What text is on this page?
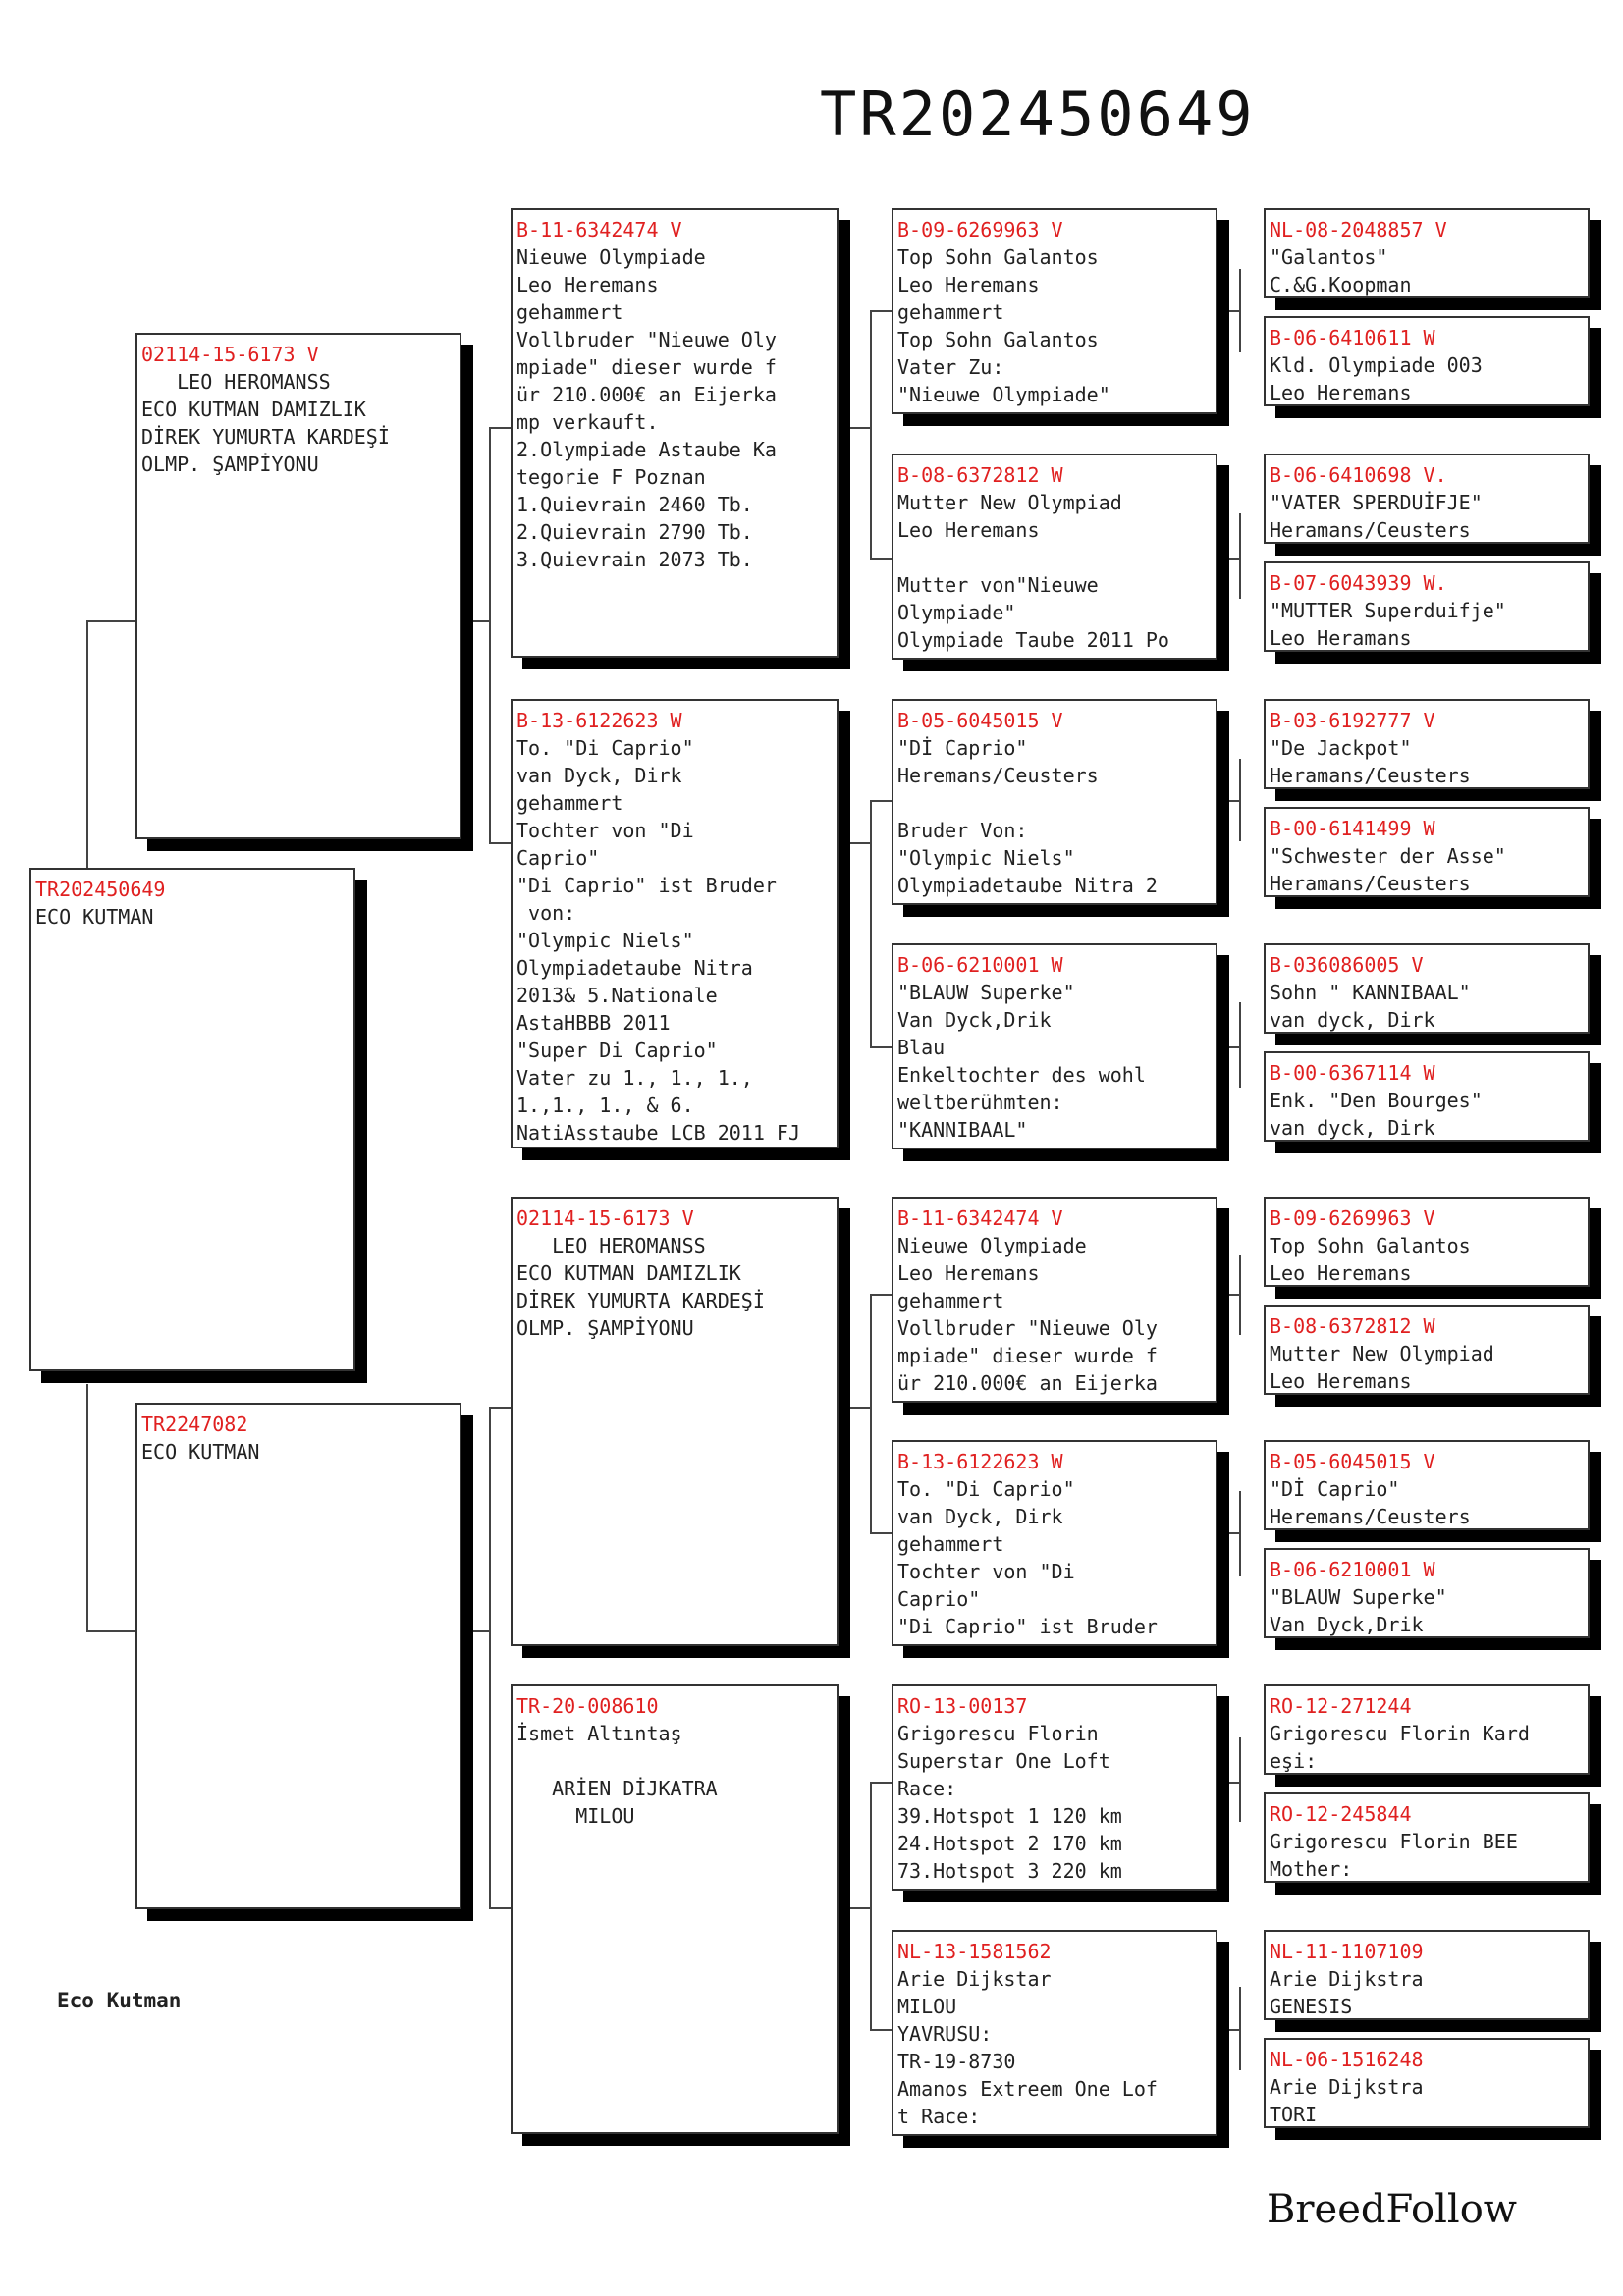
TR202450649
TR202450649
ECO KUTMAN
02114-15-6173 V
LEO HEROMANSS
ECO KUTMAN DAMIZLIK
DİREK YUMURTA KARDEŞİ
OLMP. ŞAMPİYONU
TR2247082
ECO KUTMAN
B-11-6342474 V
Nieuwe Olympiade
Leo Heremans
gehammert
Vollbruder "Nieuwe Oly
mpiade" dieser wurde f
ür 210.000€ an Eijerka
mp verkauft.
2.Olympiade Astaube Ka
tegorie F Poznan
1.Quievrain 2460 Tb.
2.Quievrain 2790 Tb.
3.Quievrain 2073 Tb.
B-13-6122623 W
To. "Di Caprio"
van Dyck, Dirk
gehammert
Tochter von "Di
Caprio"
"Di Caprio" ist Bruder
von:
"Olympic Niels"
Olympiadetaube Nitra
2013& 5.Nationale
AstaHBBB 2011
"Super Di Caprio"
Vater zu 1., 1., 1.,
1.,1., 1., & 6.
NatiAsstaube LCB 2011 FJ
02114-15-6173 V
LEO HEROMANSS
ECO KUTMAN DAMIZLIK
DİREK YUMURTA KARDEŞİ
OLMP. ŞAMPİYONU
TR-20-008610
İsmet Altıntaş

ARİEN DİJKATRA
MILOU
B-09-6269963 V
Top Sohn Galantos
Leo Heremans
gehammert
Top Sohn Galantos
Vater Zu:
"Nieuwe Olympiade"
B-08-6372812 W
Mutter New Olympiad
Leo Heremans

Mutter von"Nieuwe
Olympiade"
Olympiade Taube 2011 Po
B-05-6045015 V
"Dİ Caprio"
Heremans/Ceusters

Bruder Von:
"Olympic Niels"
Olympiadetaube Nitra 2
B-06-6210001 W
"BLAUW Superke"
Van Dyck,Drik
Blau
Enkeltochter des wohl
weltberühmten:
"KANNIBAAL"
B-11-6342474 V
Nieuwe Olympiade
Leo Heremans
gehammert
Vollbruder "Nieuwe Oly
mpiade" dieser wurde f
ür 210.000€ an Eijerka
B-13-6122623 W
To. "Di Caprio"
van Dyck, Dirk
gehammert
Tochter von "Di
Caprio"
"Di Caprio" ist Bruder
RO-13-00137
Grigorescu Florin
Superstar One Loft
Race:
39.Hotspot 1 120 km
24.Hotspot 2 170 km
73.Hotspot 3 220 km
NL-13-1581562
Arie Dijkstar
MILOU
YAVRUSU:
TR-19-8730
Amanos Extreem One Lof
t Race:
NL-08-2048857 V
"Galantos"
C.&G.Koopman
B-06-6410611 W
Kld. Olympiade 003
Leo Heremans
B-06-6410698 V.
"VATER SPERDUİFJE"
Heramans/Ceusters
B-07-6043939 W.
"MUTTER Superduifje"
Leo Heramans
B-03-6192777 V
"De Jackpot"
Heramans/Ceusters
B-00-6141499 W
"Schwester der Asse"
Heramans/Ceusters
B-036086005 V
Sohn " KANNIBAAL"
van dyck, Dirk
B-00-6367114 W
Enk. "Den Bourges"
van dyck, Dirk
B-09-6269963 V
Top Sohn Galantos
Leo Heremans
B-08-6372812 W
Mutter New Olympiad
Leo Heremans
B-05-6045015 V
"Dİ Caprio"
Heremans/Ceusters
B-06-6210001 W
"BLAUW Superke"
Van Dyck,Drik
RO-12-271244
Grigorescu Florin Kard
eşi:
RO-12-245844
Grigorescu Florin BEE
Mother:
NL-11-1107109
Arie Dijkstra
GENESIS
NL-06-1516248
Arie Dijkstra
TORI
Eco Kutman
BreedFollow
